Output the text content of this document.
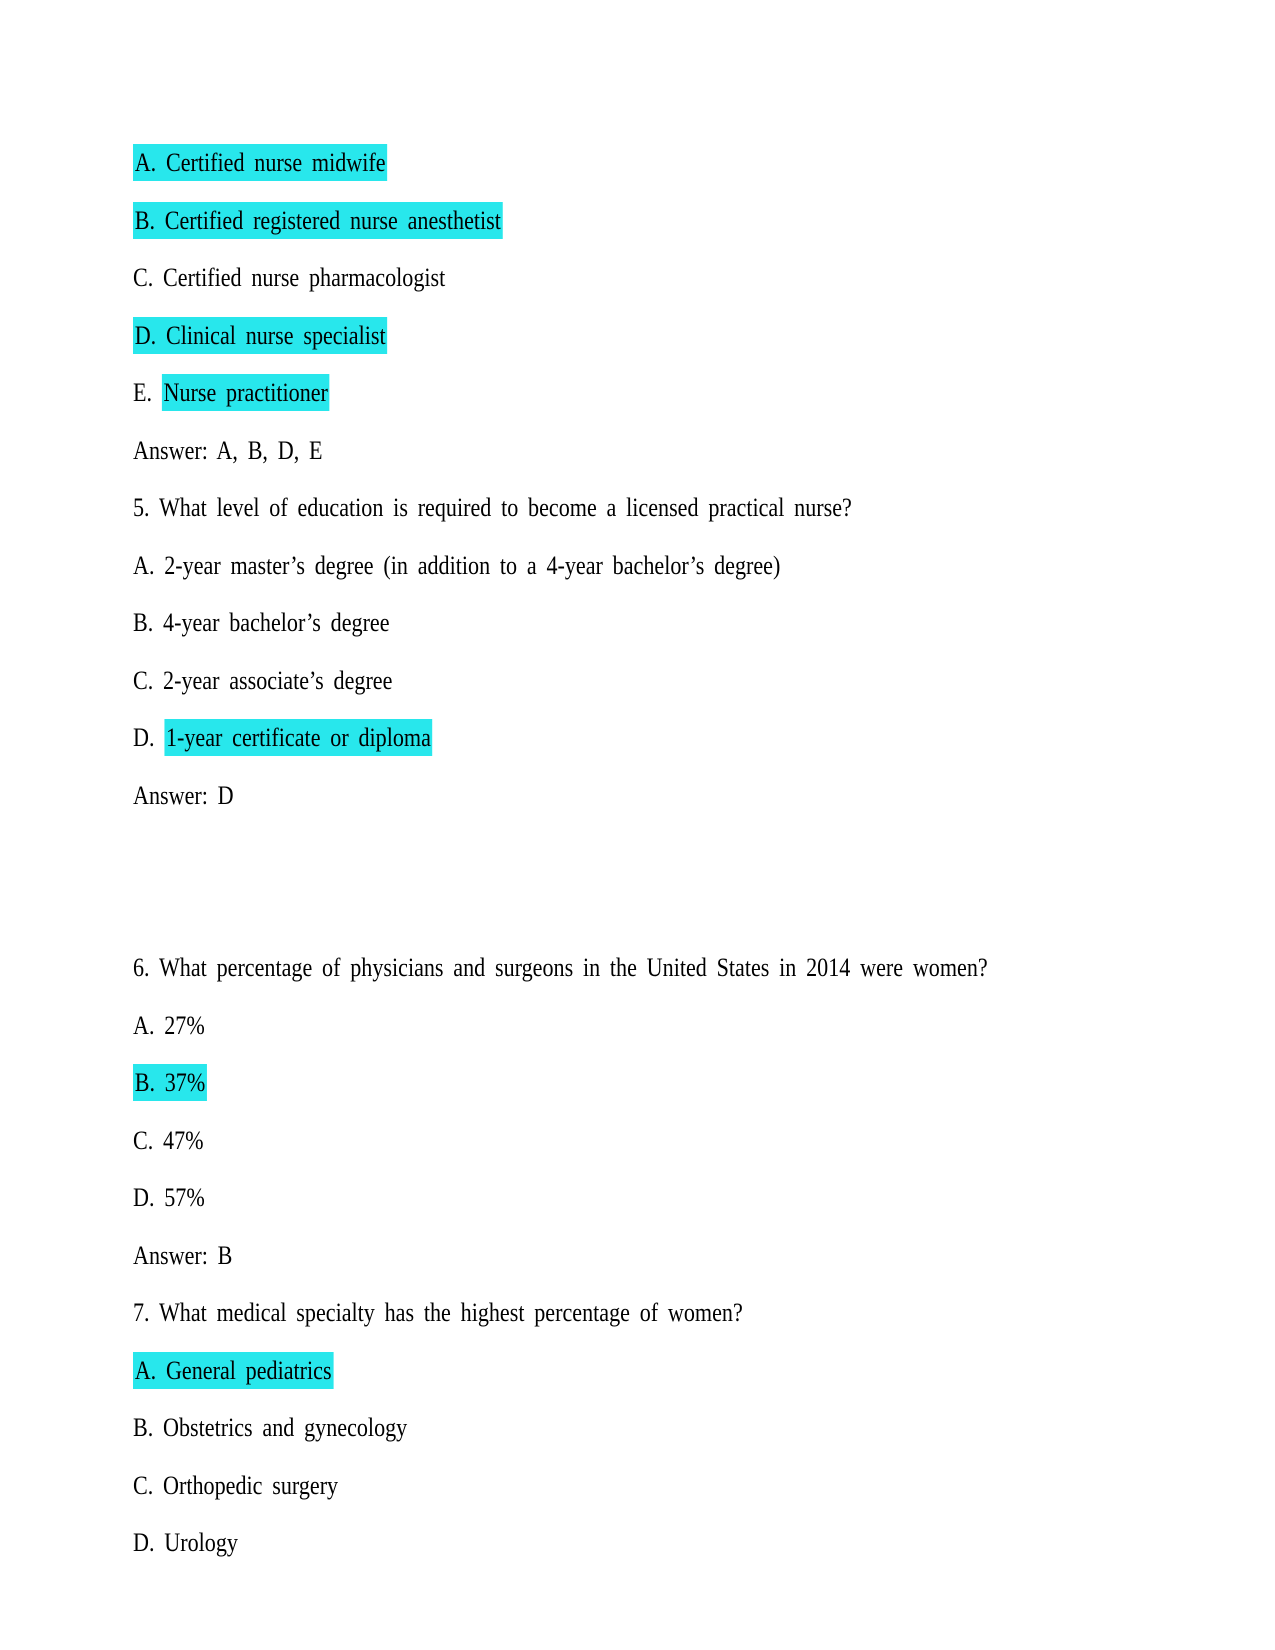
A. Certified nurse midwife

B. Certified registered nurse anesthetist

C. Certified nurse pharmacologist

D. Clinical nurse specialist

E. Nurse practitioner

Answer: A, B, D, E

5. What level of education is required to become a licensed practical nurse?

A. 2-year master’s degree (in addition to a 4-year bachelor’s degree)

B. 4-year bachelor’s degree

C. 2-year associate’s degree

D. 1-year certificate or diploma

Answer: D

6. What percentage of physicians and surgeons in the United States in 2014 were women?

A. 27%

B. 37%

C. 47%

D. 57%

Answer: B

7. What medical specialty has the highest percentage of women?

A. General pediatrics

B. Obstetrics and gynecology

C. Orthopedic surgery

D. Urology
